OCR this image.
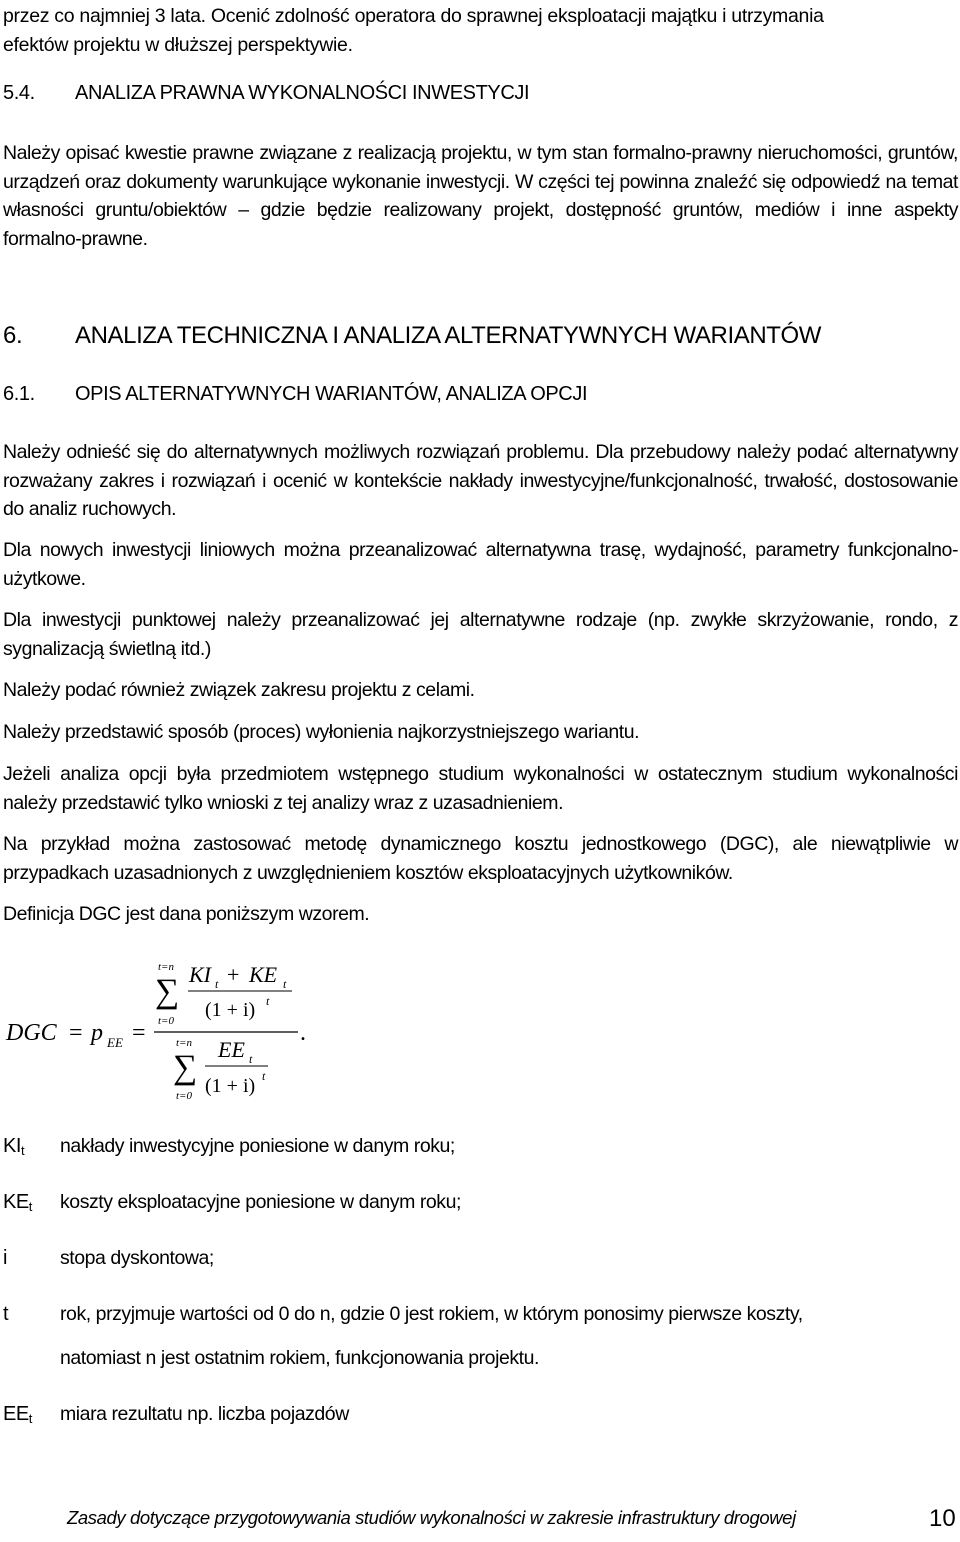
przez co najmniej 3 lata. Ocenić zdolność operatora do sprawnej eksploatacji majątku i utrzymania
efektów projektu w dłuższej perspektywie.

5.4. ANALIZA PRAWNA WYKONALNOŚCI INWESTYCJI

Należy opisać kwestie prawne związane z realizacją projektu, w tym stan formalno-prawny nieruchomości, gruntów, urządzeń oraz dokumenty warunkujące wykonanie inwestycji. W części tej powinna znaleźć się odpowiedź na temat własności gruntu/obiektów – gdzie będzie realizowany projekt, dostępność gruntów, mediów i inne aspekty formalno-prawne.

6. ANALIZA TECHNICZNA I ANALIZA ALTERNATYWNYCH WARIANTÓW
6.1. OPIS ALTERNATYWNYCH WARIANTÓW, ANALIZA OPCJI

Należy odnieść się do alternatywnych możliwych rozwiązań problemu. Dla przebudowy należy podać alternatywny rozważany zakres i rozwiązań i ocenić w kontekście nakłady inwestycyjne/funkcjonalność, trwałość, dostosowanie do analiz ruchowych.

Dla nowych inwestycji liniowych można przeanalizować alternatywna trasę, wydajność, parametry funkcjonalno-użytkowe.

Dla inwestycji punktowej należy przeanalizować jej alternatywne rodzaje (np. zwykłe skrzyżowanie, rondo, z sygnalizacją świetlną itd.)

Należy podać również związek zakresu projektu z celami.

Należy przedstawić sposób (proces) wyłonienia najkorzystniejszego wariantu.

Jeżeli analiza opcji była przedmiotem wstępnego studium wykonalności w ostatecznym studium wykonalności należy przedstawić tylko wnioski z tej analizy wraz z uzasadnieniem.

Na przykład można zastosować metodę dynamicznego kosztu jednostkowego (DGC), ale niewątpliwie w przypadkach uzasadnionych z uwzględnieniem kosztów eksploatacyjnych użytkowników.

Definicja DGC jest dana poniższym wzorem.

DGC = p EE =
t=n
∑
t=0
KI t + KE t
(1 + i) t
t=n
∑
t=0
EE t
(1 + i) t
.
$KI_t$ nakłady inwestycyjne poniesione w danym roku;
$KE_t$ koszty eksploatacyjne poniesione w danym roku;
i	stopa dyskontowa;
t	rok, przyjmuje wartości od 0 do n, gdzie 0 jest rokiem, w którym ponosimy pierwsze koszty,
natomiast n jest ostatnim rokiem, funkcjonowania projektu.
$EE_t$ miara rezultatu np. liczba pojazdów
Zasady dotyczące przygotowywania studiów wykonalności w zakresie infrastruktury drogowej	10
